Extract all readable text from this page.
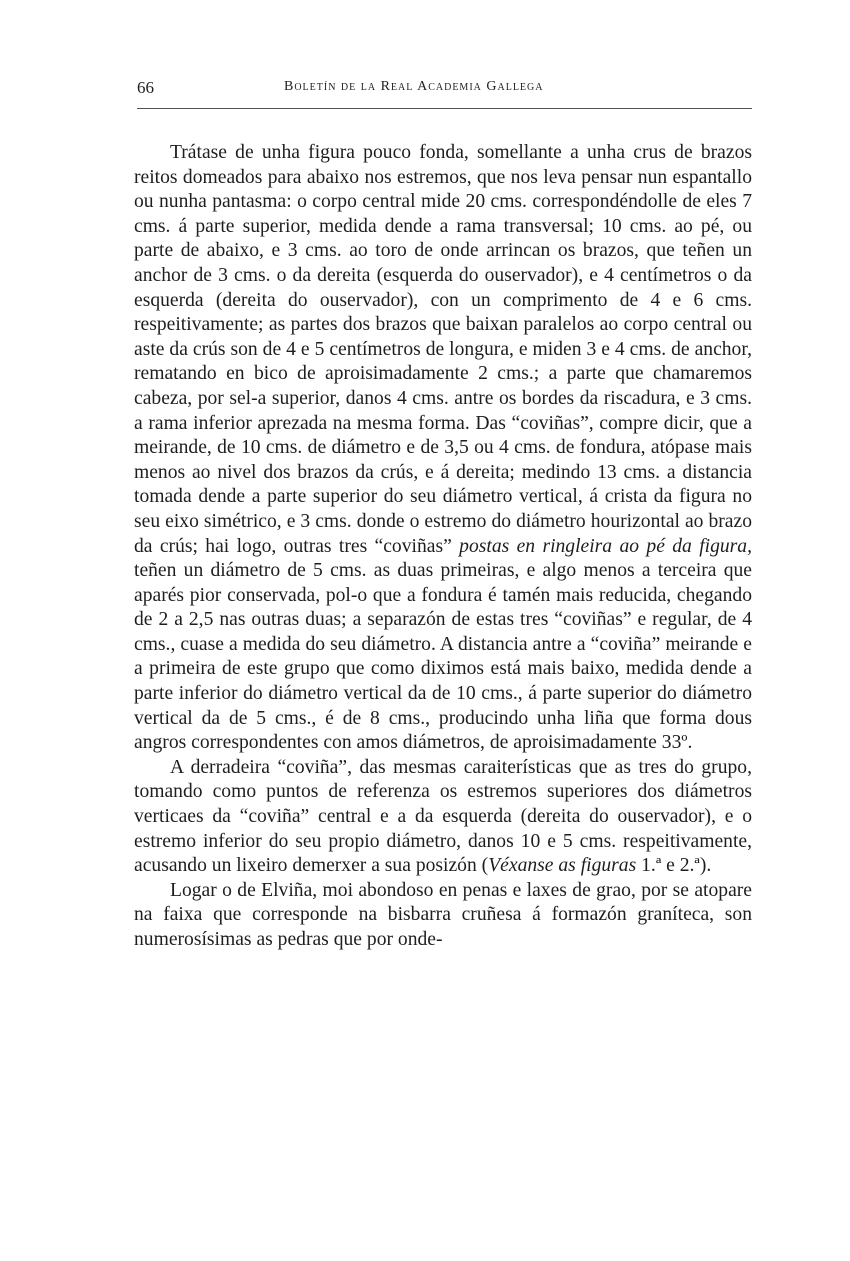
66	Boletín de la Real Academia Gallega

Trátase de unha figura pouco fonda, somellante a unha crus de brazos reitos domeados para abaixo nos estremos, que nos leva pensar nun espantallo ou nunha pantasma: o corpo central mide 20 cms. correspondéndolle de eles 7 cms. á parte superior, medida dende a rama transversal; 10 cms. ao pé, ou parte de abaixo, e 3 cms. ao toro de onde arrincan os brazos, que teñen un anchor de 3 cms. o da dereita (esquerda do ouservador), e 4 centímetros o da esquerda (dereita do ouservador), con un comprimento de 4 e 6 cms. respeitivamente; as partes dos brazos que baixan paralelos ao corpo central ou aste da crús son de 4 e 5 centímetros de longura, e miden 3 e 4 cms. de anchor, rematando en bico de aproisimadamente 2 cms.; a parte que chamaremos cabeza, por sel-a superior, danos 4 cms. antre os bordes da riscadura, e 3 cms. a rama inferior aprezada na mesma forma. Das “coviñas”, compre dicir, que a meirande, de 10 cms. de diámetro e de 3,5 ou 4 cms. de fondura, atópase mais menos ao nivel dos brazos da crús, e á dereita; medindo 13 cms. a distancia tomada dende a parte superior do seu diámetro vertical, á crista da figura no seu eixo simétrico, e 3 cms. donde o estremo do diámetro hourizontal ao brazo da crús; hai logo, outras tres “coviñas” postas en ringleira ao pé da figura, teñen un diámetro de 5 cms. as duas primeiras, e algo menos a terceira que aparés pior conservada, pol-o que a fondura é tamén mais reducida, chegando de 2 a 2,5 nas outras duas; a separazón de estas tres “coviñas” e regular, de 4 cms., cuase a medida do seu diámetro. A distancia antre a “coviña” meirande e a primeira de este grupo que como diximos está mais baixo, medida dende a parte inferior do diámetro vertical da de 10 cms., á parte superior do diámetro vertical da de 5 cms., é de 8 cms., producindo unha liña que forma dous angros correspondentes con amos diámetros, de aproisimadamente 33º.

A derradeira “coviña”, das mesmas caraiterísticas que as tres do grupo, tomando como puntos de referenza os estremos superiores dos diámetros verticaes da “coviña” central e a da esquerda (dereita do ouservador), e o estremo inferior do seu propio diámetro, danos 10 e 5 cms. respeitivamente, acusando un lixeiro demerxer a sua posizón (Véxanse as figuras 1.ª e 2.ª).

Logar o de Elviña, moi abondoso en penas e laxes de grao, por se atopare na faixa que corresponde na bisbarra cruñesa á formazón graníteca, son numerosísimas as pedras que por onde-
